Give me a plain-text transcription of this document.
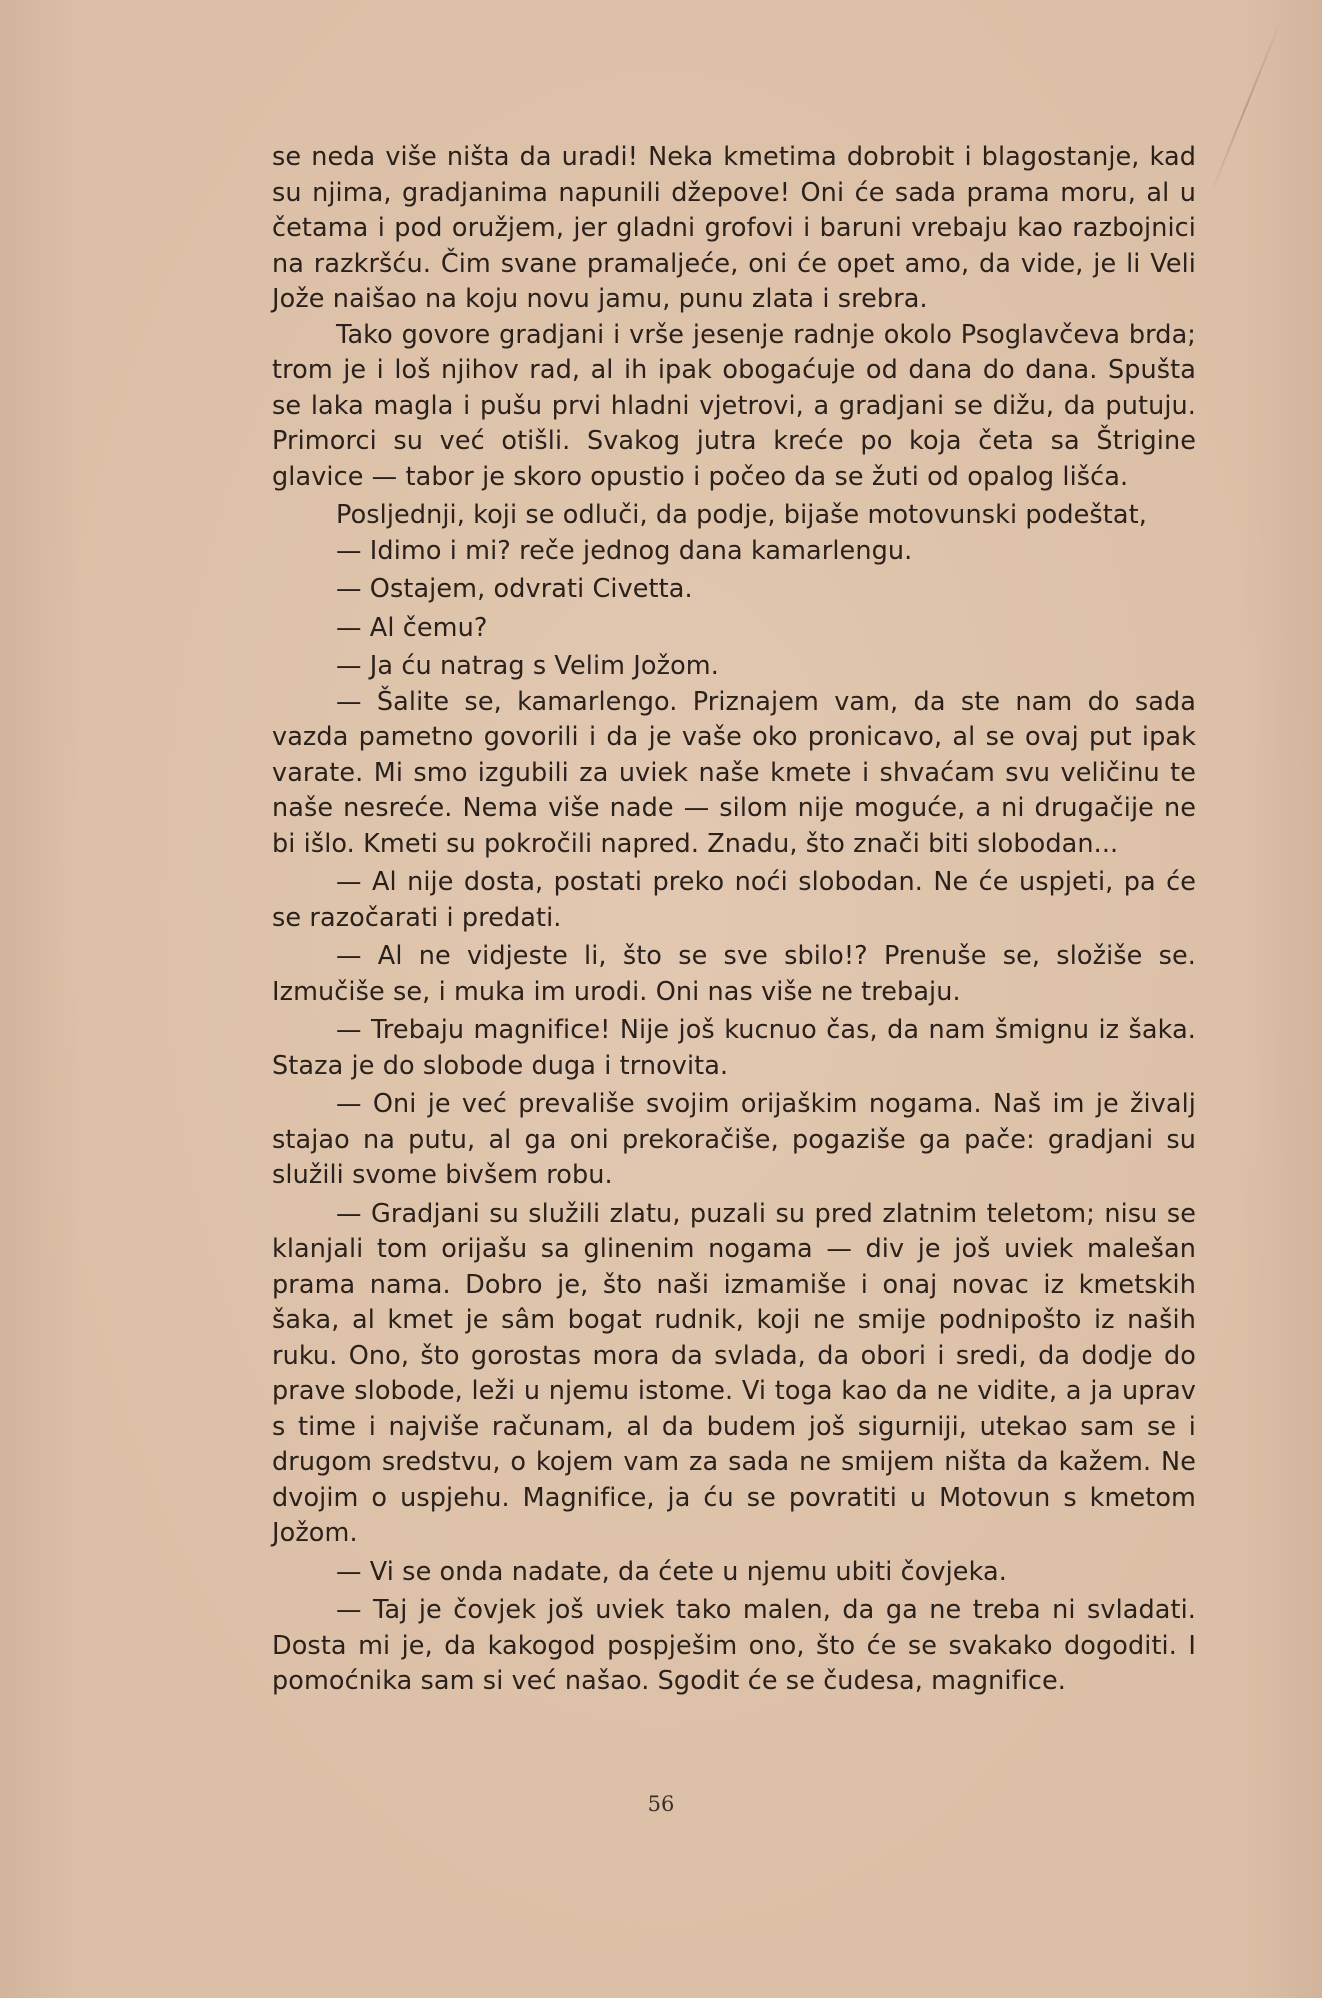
se neda više ništa da uradi! Neka kmetima dobrobit i blagostanje, kad su njima, gradjanima napunili džepove! Oni će sada prama moru, al u četama i pod oružjem, jer gladni grofovi i baruni vrebaju kao razbojnici na razkršću. Čim svane pramaljeće, oni će opet amo, da vide, je li Veli Jože naišao na koju novu jamu, punu zlata i srebra.

Tako govore gradjani i vrše jesenje radnje okolo Psoglavčeva brda; trom je i loš njihov rad, al ih ipak obogaćuje od dana do dana. Spušta se laka magla i pušu prvi hladni vjetrovi, a gradjani se dižu, da putuju. Primorci su već otišli. Svakog jutra kreće po koja četa sa Štrigine glavice — tabor je skoro opustio i počeo da se žuti od opalog lišća.

Posljednji, koji se odluči, da podje, bijaše motovunski podeštat,

— Idimo i mi? reče jednog dana kamarlengu.

— Ostajem, odvrati Civetta.

— Al čemu?

— Ja ću natrag s Velim Jožom.

— Šalite se, kamarlengo. Priznajem vam, da ste nam do sada vazda pametno govorili i da je vaše oko pronicavo, al se ovaj put ipak varate. Mi smo izgubili za uviek naše kmete i shvaćam svu veličinu te naše nesreće. Nema više nade — silom nije moguće, a ni drugačije ne bi išlo. Kmeti su pokročili napred. Znadu, što znači biti slobodan...

— Al nije dosta, postati preko noći slobodan. Ne će uspjeti, pa će se razočarati i predati.

— Al ne vidjeste li, što se sve sbilo!? Prenuše se, složiše se. Izmučiše se, i muka im urodi. Oni nas više ne trebaju.

— Trebaju magnifice! Nije još kucnuo čas, da nam šmignu iz šaka. Staza je do slobode duga i trnovita.

— Oni je već prevališe svojim orijaškim nogama. Naš im je živalj stajao na putu, al ga oni prekoračiše, pogaziše ga pače: gradjani su služili svome bivšem robu.

— Gradjani su služili zlatu, puzali su pred zlatnim teletom; nisu se klanjali tom orijašu sa glinenim nogama — div je još uviek malešan prama nama. Dobro je, što naši izmamiše i onaj novac iz kmetskih šaka, al kmet je sâm bogat rudnik, koji ne smije podnipošto iz naših ruku. Ono, što gorostas mora da svlada, da obori i sredi, da dodje do prave slobode, leži u njemu istome. Vi toga kao da ne vidite, a ja uprav s time i najviše računam, al da budem još sigurniji, utekao sam se i drugom sredstvu, o kojem vam za sada ne smijem ništa da kažem. Ne dvojim o uspjehu. Magnifice, ja ću se povratiti u Motovun s kmetom Jožom.

— Vi se onda nadate, da ćete u njemu ubiti čovjeka.

— Taj je čovjek još uviek tako malen, da ga ne treba ni svladati. Dosta mi je, da kakogod pospješim ono, što će se svakako dogoditi. I pomoćnika sam si već našao. Sgodit će se čudesa, magnifice.

56
